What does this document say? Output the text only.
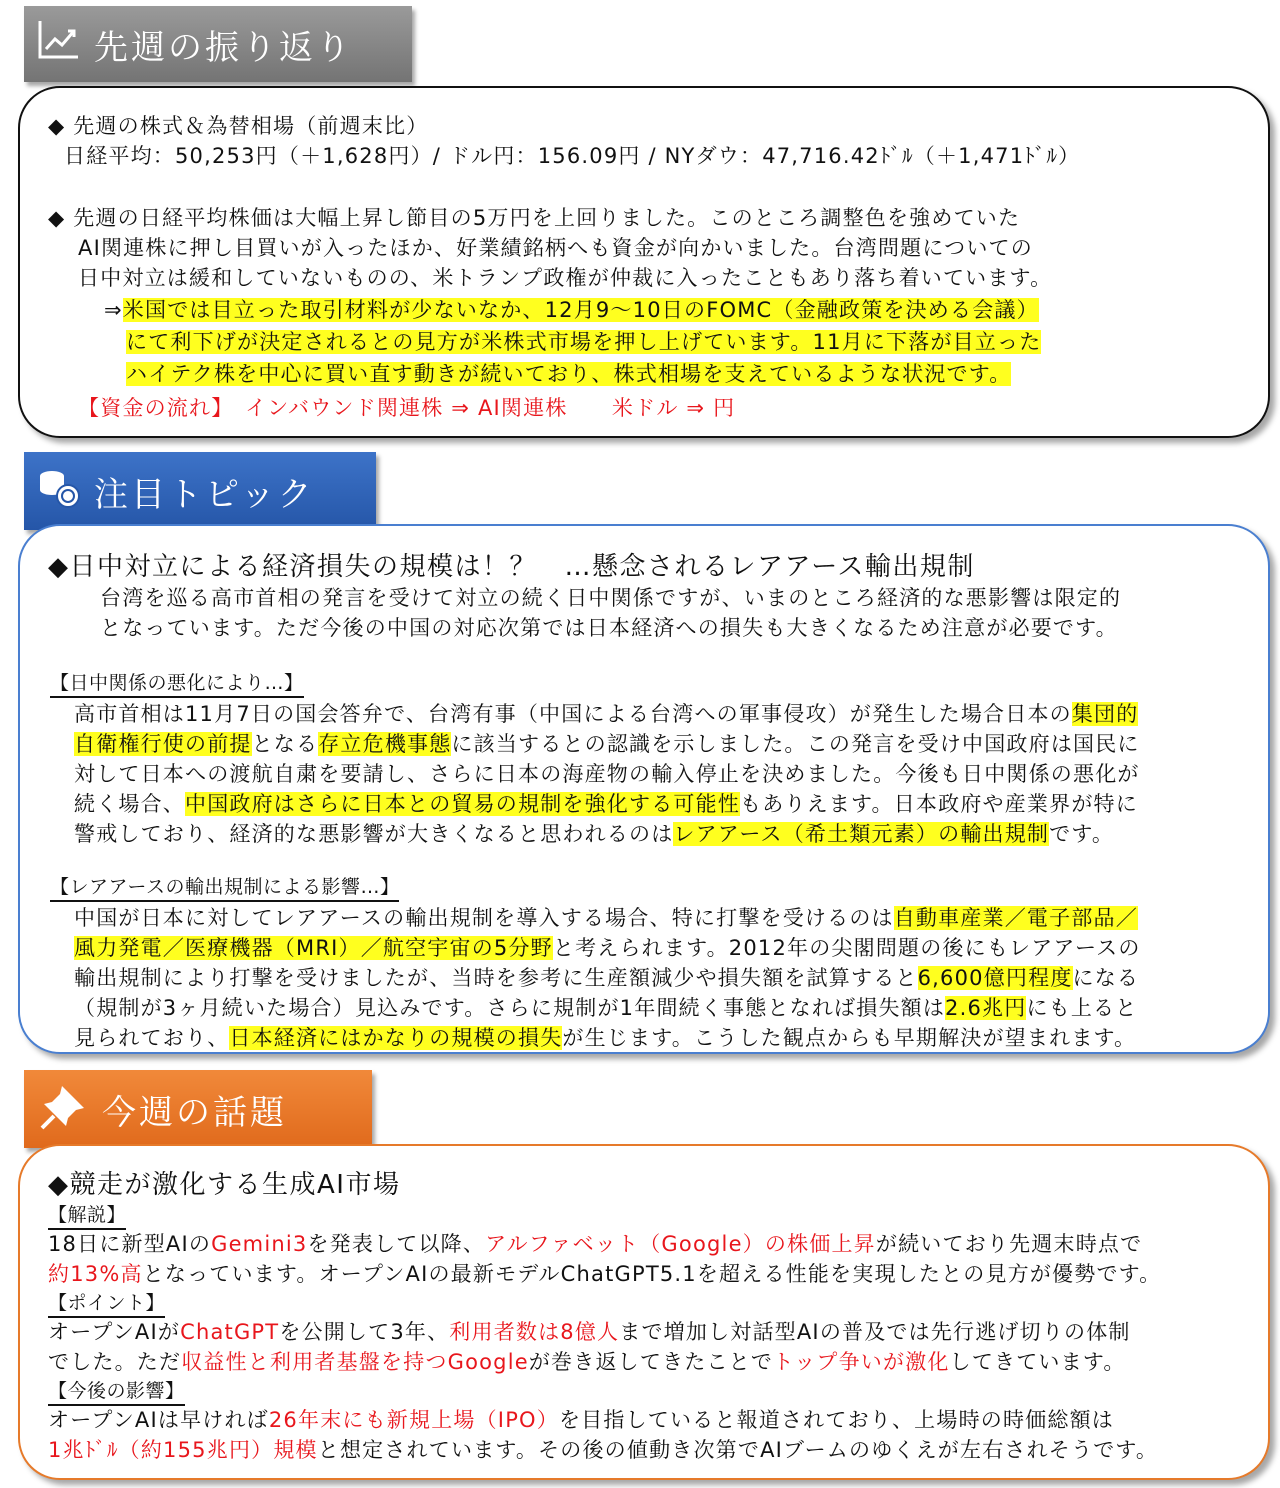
先週の振り返り
◆ 先週の株式＆為替相場（前週末比）
日経平均：50,253円（＋1,628円）/ ドル円：156.09円 / NYダウ：47,716.42ﾄﾞﾙ（＋1,471ﾄﾞﾙ）
◆ 先週の日経平均株価は大幅上昇し節目の5万円を上回りました。このところ調整色を強めていた
AI関連株に押し目買いが入ったほか、好業績銘柄へも資金が向かいました。台湾問題についての
日中対立は緩和していないものの、米トランプ政権が仲裁に入ったこともあり落ち着いています。
⇒米国では目立った取引材料が少ないなか、12月9～10日のFOMC（金融政策を決める会議）
にて利下げが決定されるとの見方が米株式市場を押し上げています。11月に下落が目立った
ハイテク株を中心に買い直す動きが続いており、株式相場を支えているような状況です。
【資金の流れ】　インバウンド関連株 ⇒ AI関連株　　米ドル ⇒ 円
注目トピック
◆日中対立による経済損失の規模は！？　…懸念されるレアアース輸出規制
台湾を巡る高市首相の発言を受けて対立の続く日中関係ですが、いまのところ経済的な悪影響は限定的
となっています。ただ今後の中国の対応次第では日本経済への損失も大きくなるため注意が必要です。
【日中関係の悪化により…】
高市首相は11月7日の国会答弁で、台湾有事（中国による台湾への軍事侵攻）が発生した場合日本の集団的
自衛権行使の前提となる存立危機事態に該当するとの認識を示しました。この発言を受け中国政府は国民に
対して日本への渡航自粛を要請し、さらに日本の海産物の輸入停止を決めました。今後も日中関係の悪化が
続く場合、中国政府はさらに日本との貿易の規制を強化する可能性もありえます。日本政府や産業界が特に
警戒しており、経済的な悪影響が大きくなると思われるのはレアアース（希土類元素）の輸出規制です。
【レアアースの輸出規制による影響…】
中国が日本に対してレアアースの輸出規制を導入する場合、特に打撃を受けるのは自動車産業／電子部品／
風力発電／医療機器（MRI）／航空宇宙の5分野と考えられます。2012年の尖閣問題の後にもレアアースの
輸出規制により打撃を受けましたが、当時を参考に生産額減少や損失額を試算すると6,600億円程度になる
（規制が3ヶ月続いた場合）見込みです。さらに規制が1年間続く事態となれば損失額は2.6兆円にも上ると
見られており、日本経済にはかなりの規模の損失が生じます。こうした観点からも早期解決が望まれます。
今週の話題
◆競走が激化する生成AI市場
【解説】
18日に新型AIのGemini3を発表して以降、アルファベット（Google）の株価上昇が続いており先週末時点で
約13%高となっています。オープンAIの最新モデルChatGPT5.1を超える性能を実現したとの見方が優勢です。
【ポイント】
オープンAIがChatGPTを公開して3年、利用者数は8億人まで増加し対話型AIの普及では先行逃げ切りの体制
でした。ただ収益性と利用者基盤を持つGoogleが巻き返してきたことでトップ争いが激化してきています。
【今後の影響】
オープンAIは早ければ26年末にも新規上場（IPO）を目指していると報道されており、上場時の時価総額は
1兆ﾄﾞﾙ（約155兆円）規模と想定されています。その後の値動き次第でAIブームのゆくえが左右されそうです。
